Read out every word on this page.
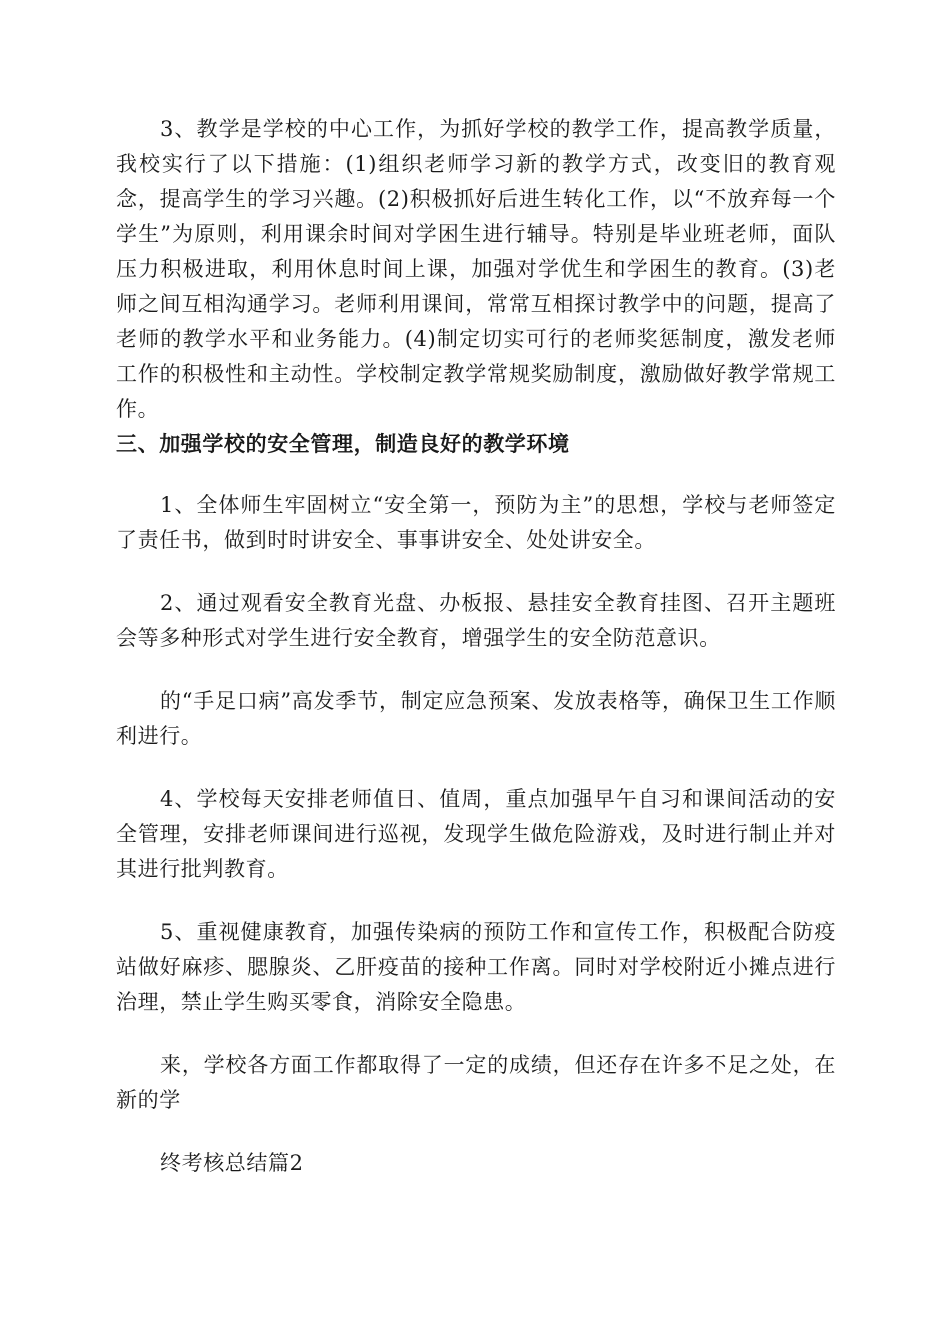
3、教学是学校的中心工作，为抓好学校的教学工作，提高教学质量，我校实行了以下措施：(1)组织老师学习新的教学方式，改变旧的教育观念，提高学生的学习兴趣。(2)积极抓好后进生转化工作，以“不放弃每一个学生”为原则，利用课余时间对学困生进行辅导。特别是毕业班老师，面队压力积极进取，利用休息时间上课，加强对学优生和学困生的教育。(3)老师之间互相沟通学习。老师利用课间，常常互相探讨教学中的问题，提高了老师的教学水平和业务能力。(4)制定切实可行的老师奖惩制度，激发老师工作的积极性和主动性。学校制定教学常规奖励制度，激励做好教学常规工作。

三、加强学校的安全管理，制造良好的教学环境

1、全体师生牢固树立“安全第一，预防为主”的思想，学校与老师签定了责任书，做到时时讲安全、事事讲安全、处处讲安全。

2、通过观看安全教育光盘、办板报、悬挂安全教育挂图、召开主题班会等多种形式对学生进行安全教育，增强学生的安全防范意识。

的“手足口病”高发季节，制定应急预案、发放表格等，确保卫生工作顺利进行。

4、学校每天安排老师值日、值周，重点加强早午自习和课间活动的安全管理，安排老师课间进行巡视，发现学生做危险游戏，及时进行制止并对其进行批判教育。

5、重视健康教育，加强传染病的预防工作和宣传工作，积极配合防疫站做好麻疹、腮腺炎、乙肝疫苗的接种工作离。同时对学校附近小摊点进行治理，禁止学生购买零食，消除安全隐患。

来，学校各方面工作都取得了一定的成绩，但还存在许多不足之处，在新的学

终考核总结篇2
